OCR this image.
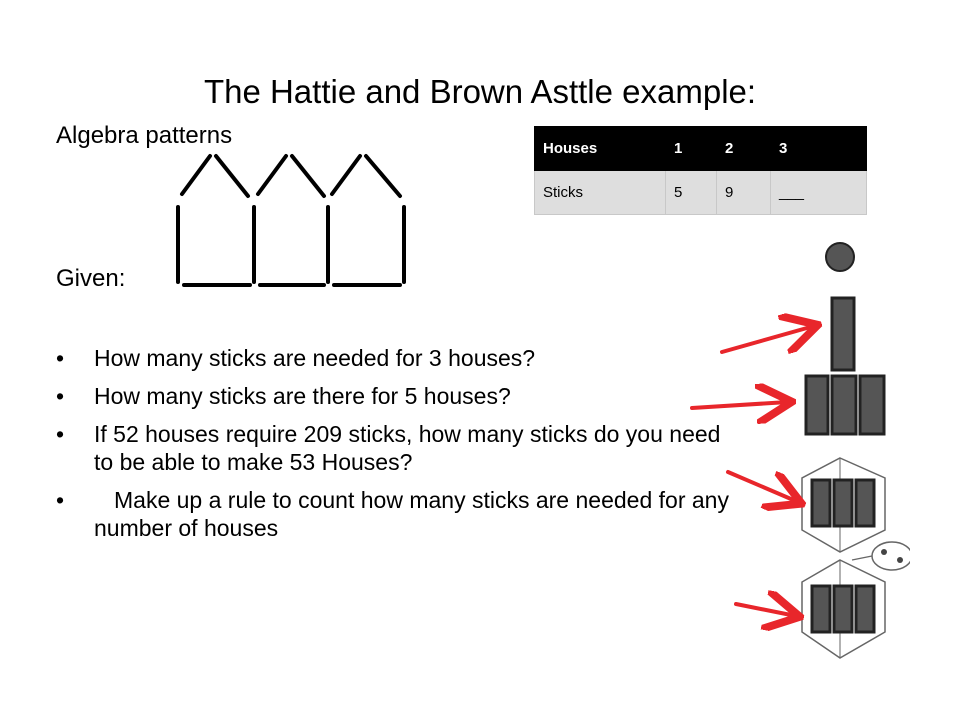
The Hattie and Brown Asttle example:
Algebra patterns
Given:
Houses	1	2	3
Sticks	5	9	___
• How many sticks are needed for 3 houses?
• How many sticks are there for 5 houses?
• If 52 houses require 209 sticks, how many sticks do you need to be able to make 53 Houses?
• Make up a rule to count how many sticks are needed for any number of houses
